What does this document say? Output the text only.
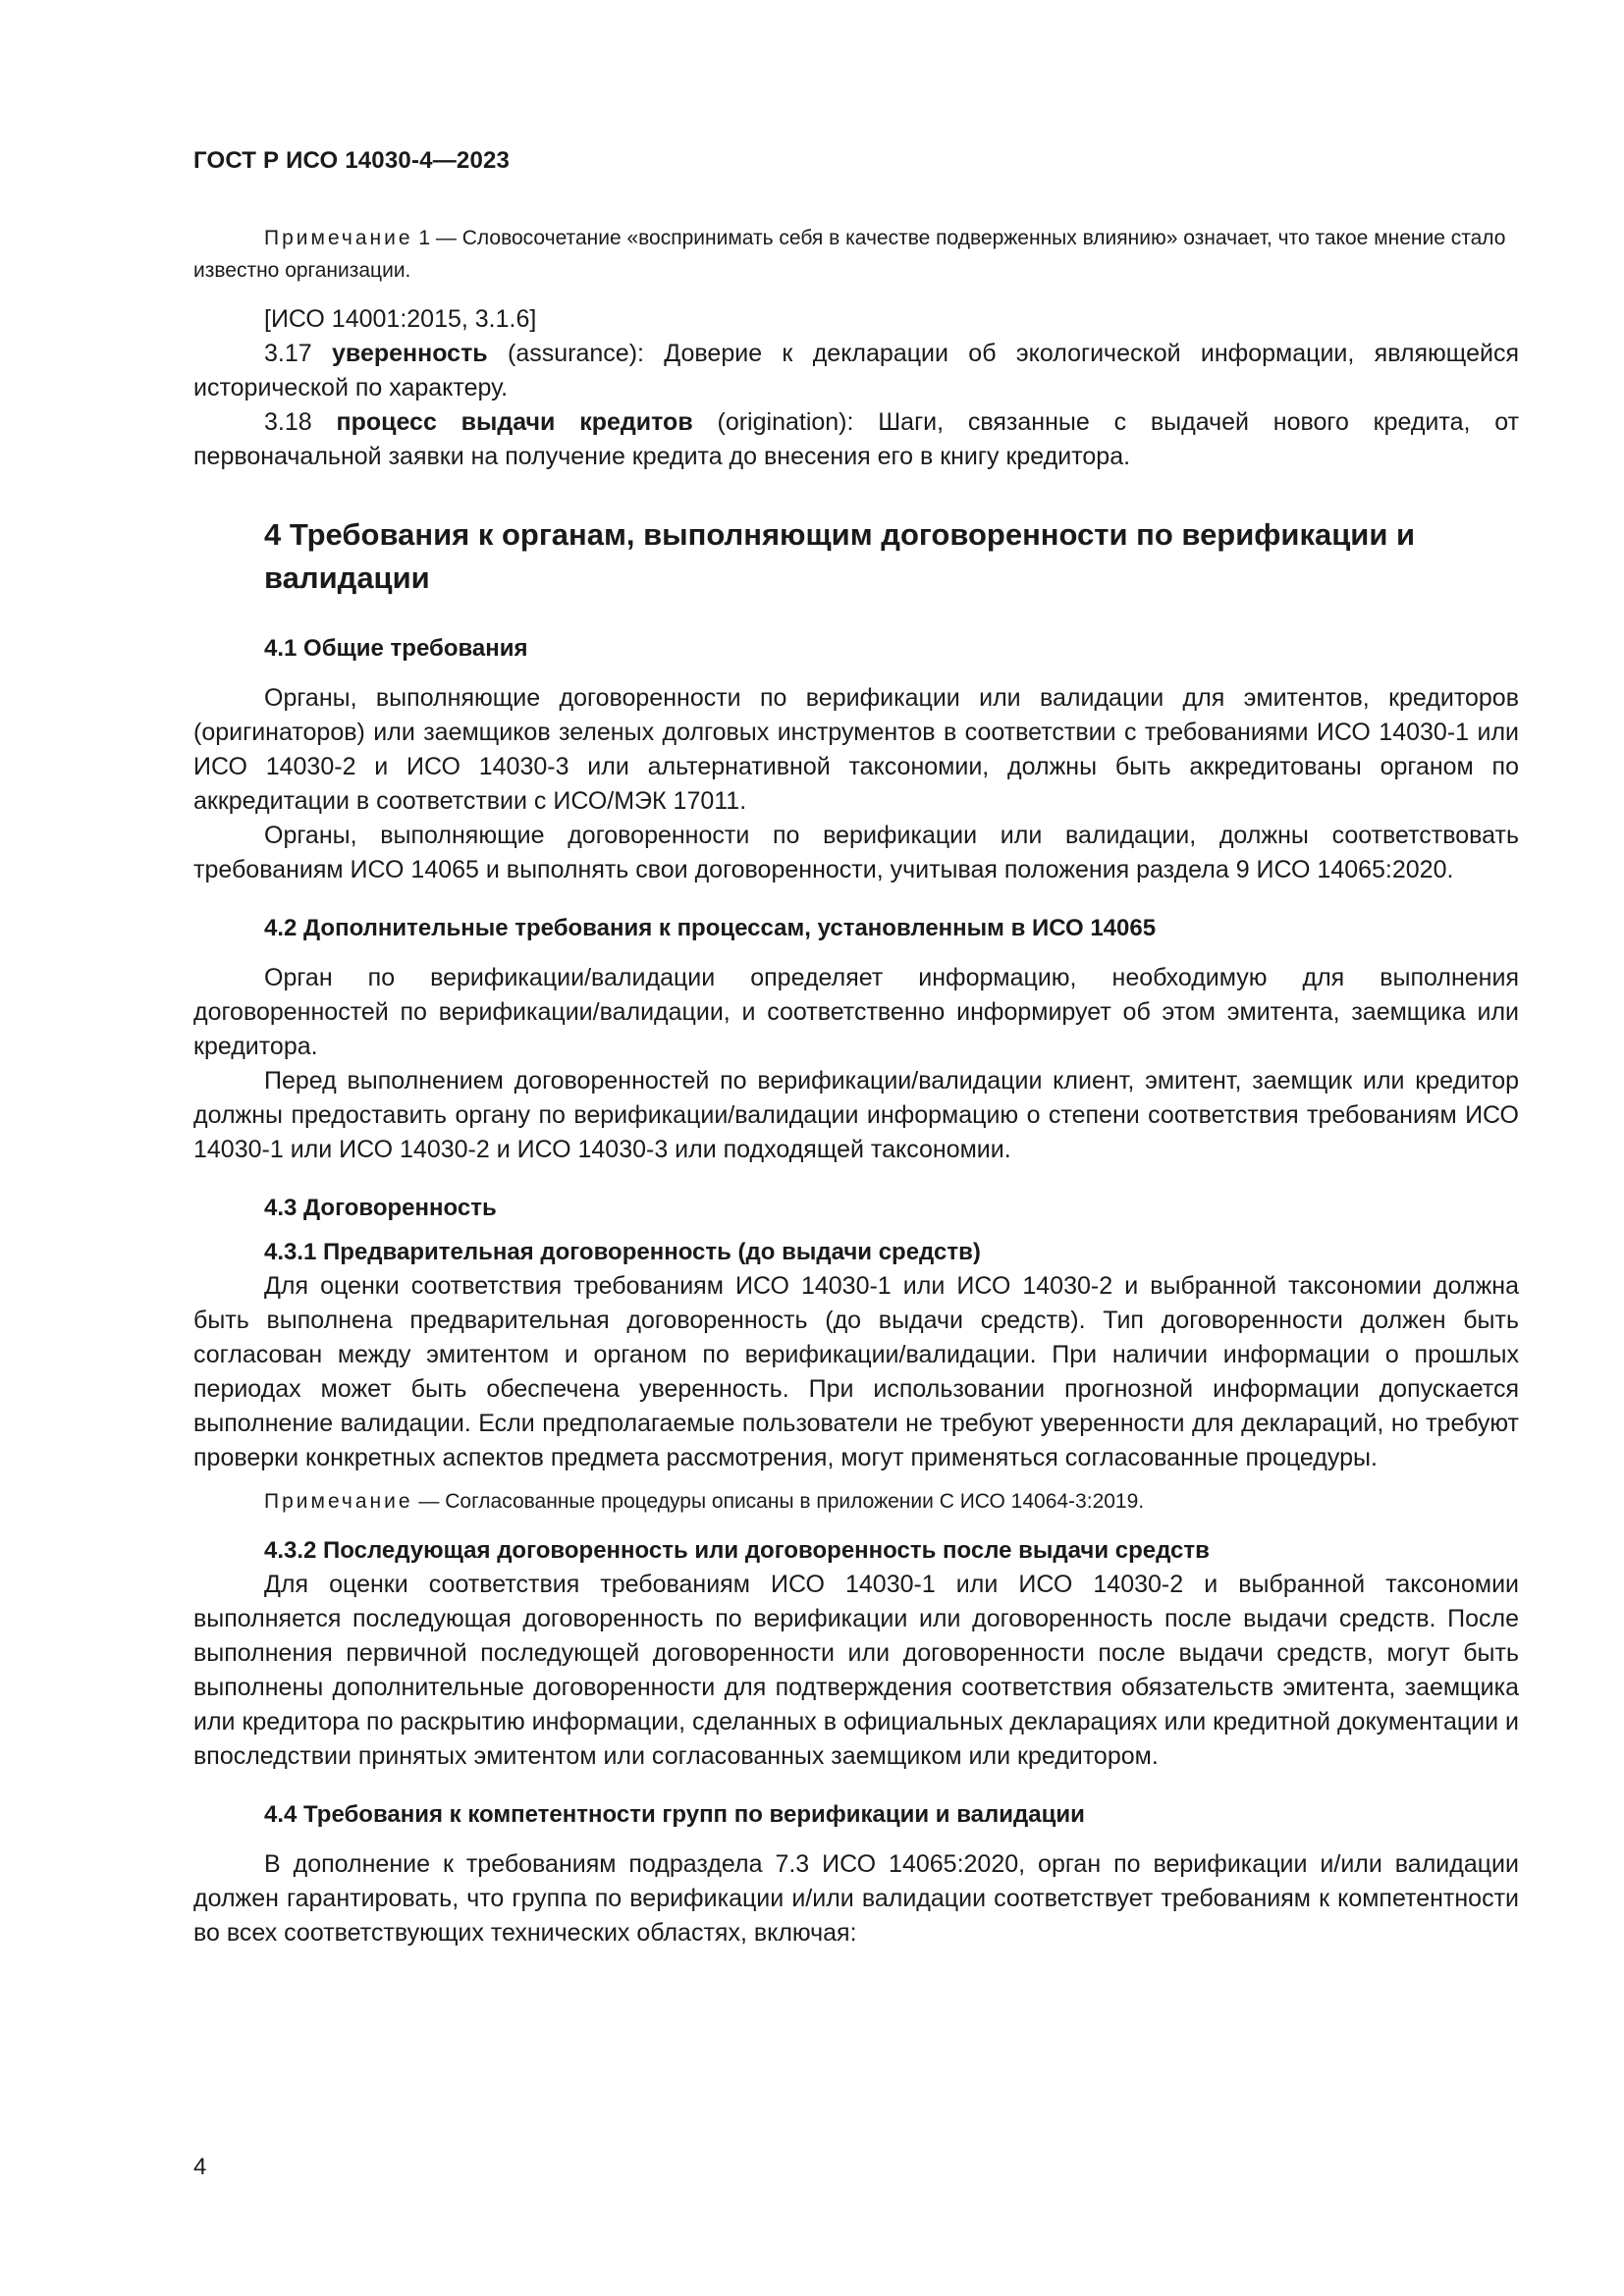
ГОСТ Р ИСО 14030-4—2023

Примечание 1 — Словосочетание «воспринимать себя в качестве подверженных влиянию» означает, что такое мнение стало известно организации.

[ИСО 14001:2015, 3.1.6]

3.17 уверенность (assurance): Доверие к декларации об экологической информации, являющейся исторической по характеру.

3.18 процесс выдачи кредитов (origination): Шаги, связанные с выдачей нового кредита, от первоначальной заявки на получение кредита до внесения его в книгу кредитора.

4 Требования к органам, выполняющим договоренности по верификации и валидации
4.1 Общие требования

Органы, выполняющие договоренности по верификации или валидации для эмитентов, кредиторов (оригинаторов) или заемщиков зеленых долговых инструментов в соответствии с требованиями ИСО 14030-1 или ИСО 14030-2 и ИСО 14030-3 или альтернативной таксономии, должны быть аккредитованы органом по аккредитации в соответствии с ИСО/МЭК 17011.

Органы, выполняющие договоренности по верификации или валидации, должны соответствовать требованиям ИСО 14065 и выполнять свои договоренности, учитывая положения раздела 9 ИСО 14065:2020.

4.2 Дополнительные требования к процессам, установленным в ИСО 14065

Орган по верификации/валидации определяет информацию, необходимую для выполнения договоренностей по верификации/валидации, и соответственно информирует об этом эмитента, заемщика или кредитора.

Перед выполнением договоренностей по верификации/валидации клиент, эмитент, заемщик или кредитор должны предоставить органу по верификации/валидации информацию о степени соответствия требованиям ИСО 14030-1 или ИСО 14030-2 и ИСО 14030-3 или подходящей таксономии.

4.3 Договоренность
4.3.1 Предварительная договоренность (до выдачи средств)

Для оценки соответствия требованиям ИСО 14030-1 или ИСО 14030-2 и выбранной таксономии должна быть выполнена предварительная договоренность (до выдачи средств). Тип договоренности должен быть согласован между эмитентом и органом по верификации/валидации. При наличии информации о прошлых периодах может быть обеспечена уверенность. При использовании прогнозной информации допускается выполнение валидации. Если предполагаемые пользователи не требуют уверенности для деклараций, но требуют проверки конкретных аспектов предмета рассмотрения, могут применяться согласованные процедуры.

Примечание — Согласованные процедуры описаны в приложении С ИСО 14064-3:2019.

4.3.2 Последующая договоренность или договоренность после выдачи средств

Для оценки соответствия требованиям ИСО 14030-1 или ИСО 14030-2 и выбранной таксономии выполняется последующая договоренность по верификации или договоренность после выдачи средств. После выполнения первичной последующей договоренности или договоренности после выдачи средств, могут быть выполнены дополнительные договоренности для подтверждения соответствия обязательств эмитента, заемщика или кредитора по раскрытию информации, сделанных в официальных декларациях или кредитной документации и впоследствии принятых эмитентом или согласованных заемщиком или кредитором.

4.4 Требования к компетентности групп по верификации и валидации

В дополнение к требованиям подраздела 7.3 ИСО 14065:2020, орган по верификации и/или валидации должен гарантировать, что группа по верификации и/или валидации соответствует требованиям к компетентности во всех соответствующих технических областях, включая:

4
